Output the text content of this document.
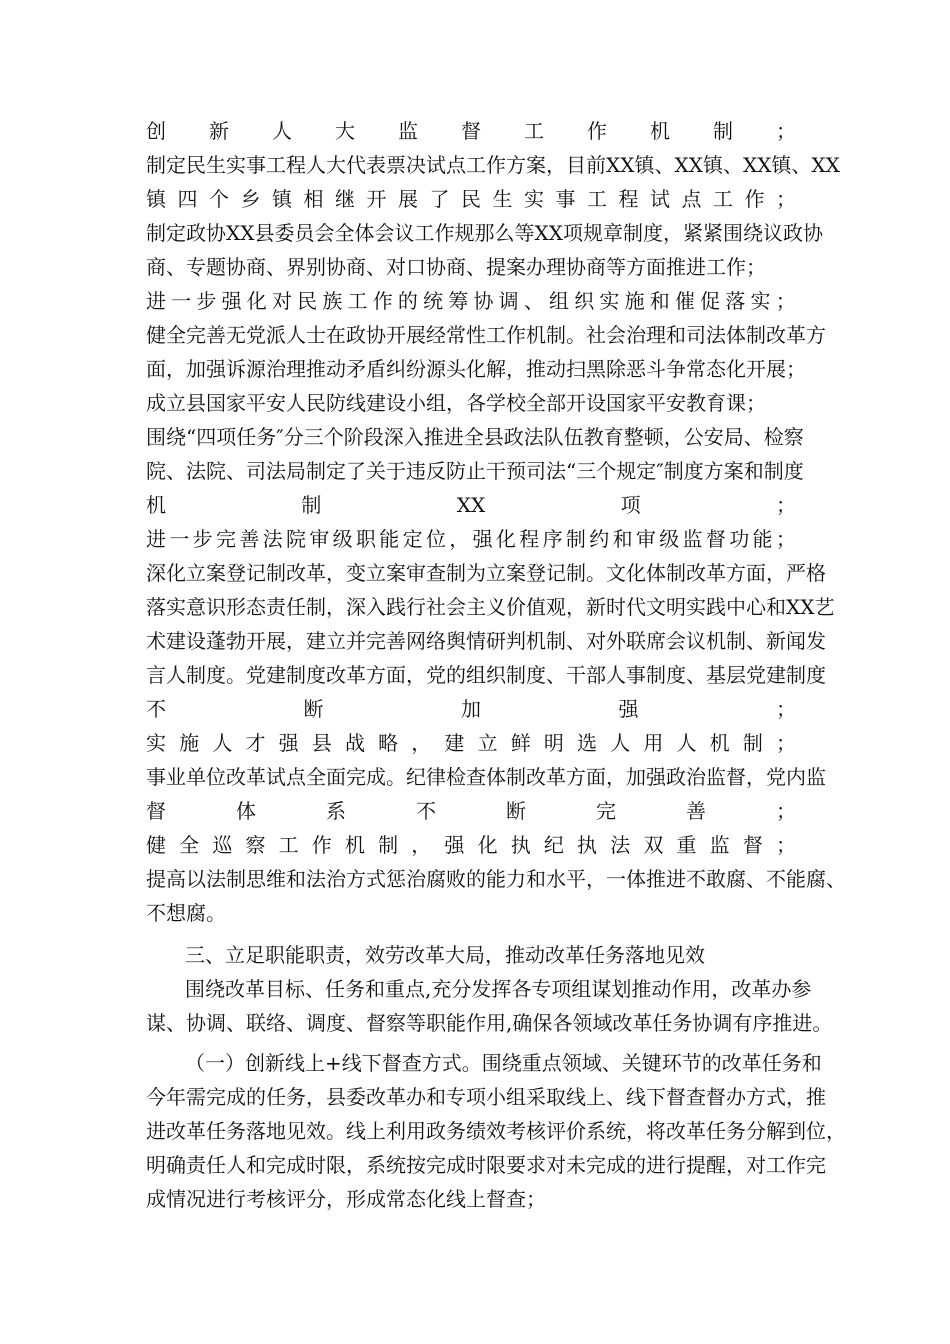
创 新 人 大 监 督 工 作 机 制 ；
制定民生实事工程人大代表票决试点工作方案，目前XX镇、XX镇、XX镇、XX
镇 四 个 乡 镇 相 继 开 展 了 民 生 实 事 工 程 试 点 工 作 ；
制定政协XX县委员会全体会议工作规那么等XX项规章制度，紧紧围绕议政协
商、专题协商、界别协商、对口协商、提案办理协商等方面推进工作；
进 一 步 强 化 对 民 族 工 作 的 统 筹 协 调 、 组 织 实 施 和 催 促 落 实 ；
健全完善无党派人士在政协开展经常性工作机制。社会治理和司法体制改革方
面，加强诉源治理推动矛盾纠纷源头化解，推动扫黑除恶斗争常态化开展；
成立县国家平安人民防线建设小组，各学校全部开设国家平安教育课；
围绕“四项任务″分三个阶段深入推进全县政法队伍教育整顿，公安局、检察
院、法院、司法局制定了关于违反防止干预司法“三个规定″制度方案和制度
机	制	XX	项	；
进 一 步 完 善 法 院 审 级 职 能 定 位 ， 强 化 程 序 制 约 和 审 级 监 督 功 能 ；
深化立案登记制改革，变立案审查制为立案登记制。文化体制改革方面，严格
落实意识形态责任制，深入践行社会主义价值观，新时代文明实践中心和XX艺
术建设蓬勃开展，建立并完善网络舆情研判机制、对外联席会议机制、新闻发
言人制度。党建制度改革方面，党的组织制度、干部人事制度、基层党建制度
不	断	加	强	；
实 施 人 才 强 县 战 略 ， 建 立 鲜 明 选 人 用 人 机 制 ；
事业单位改革试点全面完成。纪律检查体制改革方面，加强政治监督，党内监
督	体	系	不	断	完	善	；
健 全 巡 察 工 作 机 制 ， 强 化 执 纪 执 法 双 重 监 督 ；
提高以法制思维和法治方式惩治腐败的能力和水平，一体推进不敢腐、不能腐、
不想腐。
三、立足职能职责，效劳改革大局，推动改革任务落地见效
围绕改革目标、任务和重点,充分发挥各专项组谋划推动作用，改革办参
谋、协调、联络、调度、督察等职能作用,确保各领域改革任务协调有序推进。
（一）创新线上+线下督查方式。围绕重点领域、关键环节的改革任务和
今年需完成的任务，县委改革办和专项小组采取线上、线下督查督办方式，推
进改革任务落地见效。线上利用政务绩效考核评价系统，将改革任务分解到位，
明确责任人和完成时限，系统按完成时限要求对未完成的进行提醒，对工作完
成情况进行考核评分，形成常态化线上督查；
